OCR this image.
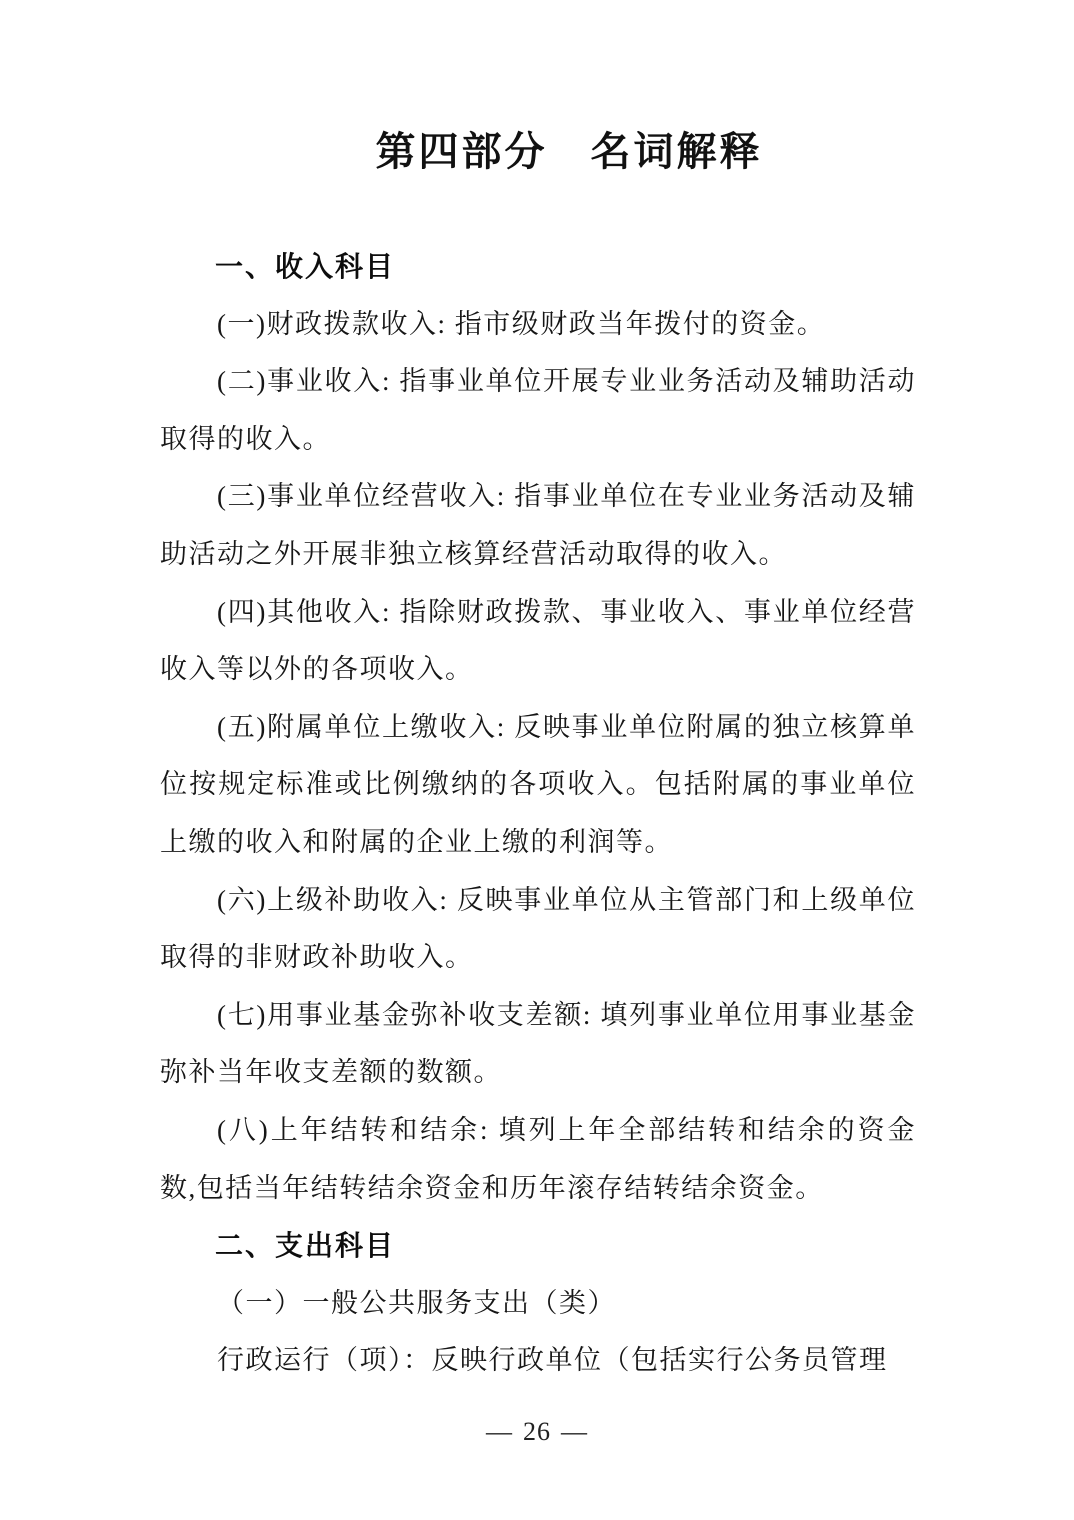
第四部分　名词解释
一、收入科目

(一)财政拨款收入: 指市级财政当年拨付的资金。

(二)事业收入: 指事业单位开展专业业务活动及辅助活动取得的收入。

(三)事业单位经营收入: 指事业单位在专业业务活动及辅助活动之外开展非独立核算经营活动取得的收入。

(四)其他收入: 指除财政拨款、事业收入、事业单位经营收入等以外的各项收入。

(五)附属单位上缴收入: 反映事业单位附属的独立核算单位按规定标准或比例缴纳的各项收入。包括附属的事业单位上缴的收入和附属的企业上缴的利润等。

(六)上级补助收入: 反映事业单位从主管部门和上级单位取得的非财政补助收入。

(七)用事业基金弥补收支差额: 填列事业单位用事业基金弥补当年收支差额的数额。

(八)上年结转和结余: 填列上年全部结转和结余的资金数,包括当年结转结余资金和历年滚存结转结余资金。

二、支出科目

（一）一般公共服务支出（类）

行政运行（项）：反映行政单位（包括实行公务员管理

— 26 —
